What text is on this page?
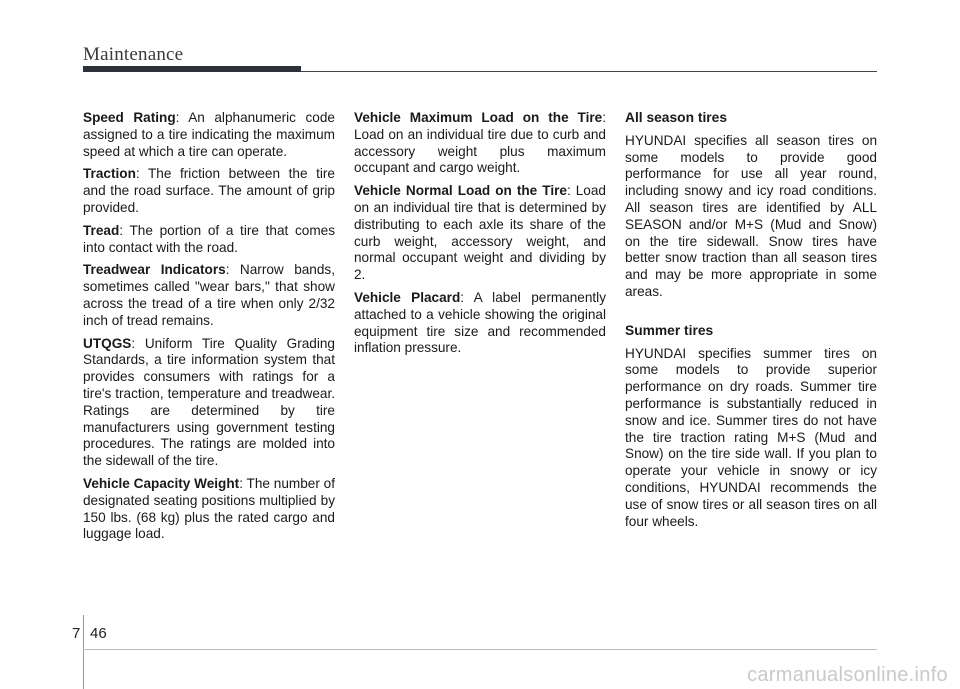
Maintenance

Speed Rating: An alphanumeric code assigned to a tire indicating the maximum speed at which a tire can operate.

Traction: The friction between the tire and the road surface. The amount of grip provided.

Tread: The portion of a tire that comes into contact with the road.

Treadwear Indicators: Narrow bands, sometimes called "wear bars," that show across the tread of a tire when only 2/32 inch of tread remains.

UTQGS: Uniform Tire Quality Grading Standards, a tire information system that provides consumers with ratings for a tire's traction, temperature and treadwear. Ratings are determined by tire manufacturers using government testing procedures. The ratings are molded into the sidewall of the tire.

Vehicle Capacity Weight: The number of designated seating positions multiplied by 150 lbs. (68 kg) plus the rated cargo and luggage load.

Vehicle Maximum Load on the Tire: Load on an individual tire due to curb and accessory weight plus maximum occupant and cargo weight.

Vehicle Normal Load on the Tire: Load on an individual tire that is determined by distributing to each axle its share of the curb weight, accessory weight, and normal occupant weight and dividing by 2.

Vehicle Placard: A label permanently attached to a vehicle showing the original equipment tire size and recommended inflation pressure.

All season tires

HYUNDAI specifies all season tires on some models to provide good performance for use all year round, including snowy and icy road conditions. All season tires are identified by ALL SEASON and/or M+S (Mud and Snow) on the tire sidewall. Snow tires have better snow traction than all season tires and may be more appropriate in some areas.

Summer tires

HYUNDAI specifies summer tires on some models to provide superior performance on dry roads. Summer tire performance is substantially reduced in snow and ice. Summer tires do not have the tire traction rating M+S (Mud and Snow) on the tire side wall. If you plan to operate your vehicle in snowy or icy conditions, HYUNDAI recommends the use of snow tires or all season tires on all four wheels.

7 46
carmanualsonline.info
